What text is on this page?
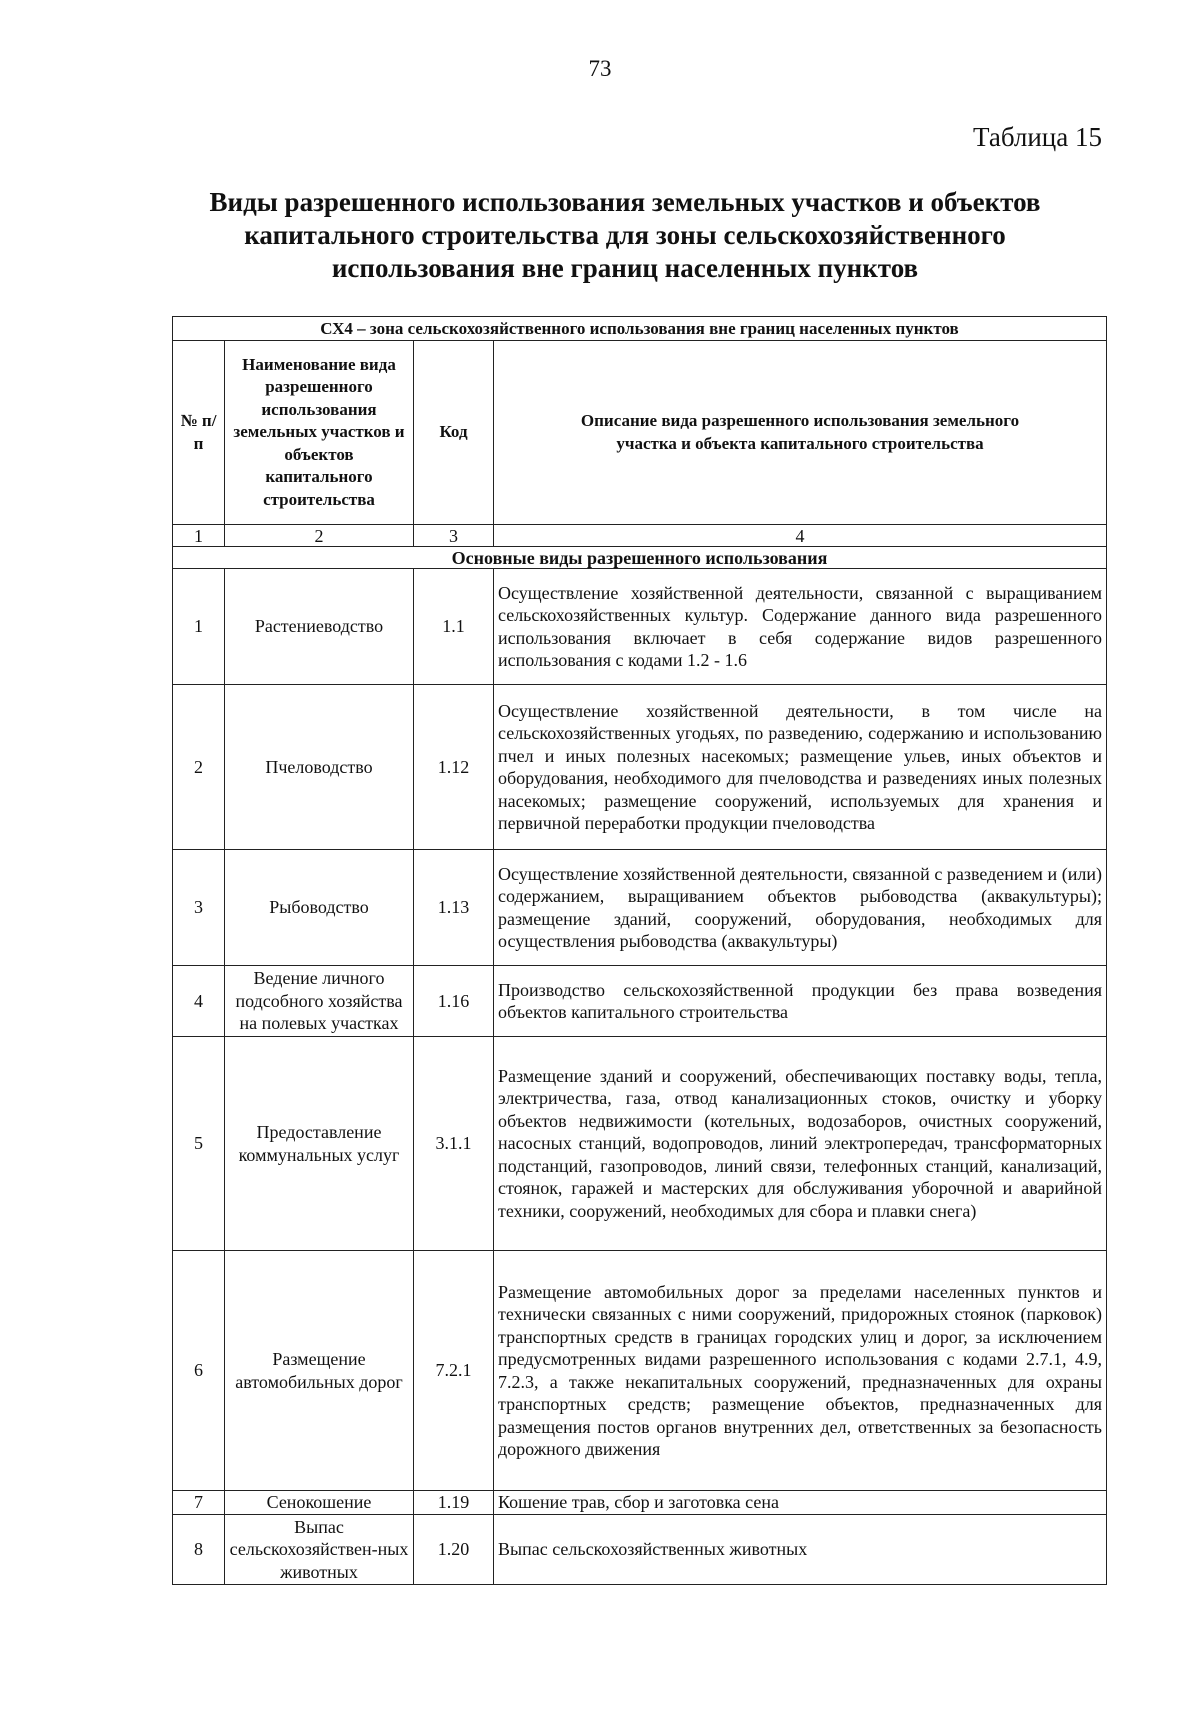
73
Таблица 15
Виды разрешенного использования земельных участков и объектов капитального строительства для зоны сельскохозяйственного использования вне границ населенных пунктов
СХ4 – зона сельскохозяйственного использования вне границ населенных пунктов			
№ п/п	Наименование вида разрешенного использования земельных участков и объектов капитального строительства	Код	Описание вида разрешенного использования земельного участка и объекта капитального строительства
1	2	3	4
Основные виды разрешенного использования			
1	Растениеводство	1.1	Осуществление хозяйственной деятельности, связанной с выращиванием сельскохозяйственных культур. Содержание данного вида разрешенного использования включает в себя содержание видов разрешенного использования с кодами 1.2 - 1.6
2	Пчеловодство	1.12	Осуществление хозяйственной деятельности, в том числе на сельскохозяйственных угодьях, по разведению, содержанию и использованию пчел и иных полезных насекомых; размещение ульев, иных объектов и оборудования, необходимого для пчеловодства и разведениях иных полезных насекомых; размещение сооружений, используемых для хранения и первичной переработки продукции пчеловодства
3	Рыбоводство	1.13	Осуществление хозяйственной деятельности, связанной с разведением и (или) содержанием, выращиванием объектов рыбоводства (аквакультуры); размещение зданий, сооружений, оборудования, необходимых для осуществления рыбоводства (аквакультуры)
4	Ведение личного подсобного хозяйства на полевых участках	1.16	Производство сельскохозяйственной продукции без права возведения объектов капитального строительства
5	Предоставление коммунальных услуг	3.1.1	Размещение зданий и сооружений, обеспечивающих поставку воды, тепла, электричества, газа, отвод канализационных стоков, очистку и уборку объектов недвижимости (котельных, водозаборов, очистных сооружений, насосных станций, водопроводов, линий электропередач, трансформаторных подстанций, газопроводов, линий связи, телефонных станций, канализаций, стоянок, гаражей и мастерских для обслуживания уборочной и аварийной техники, сооружений, необходимых для сбора и плавки снега)
6	Размещение автомобильных дорог	7.2.1	Размещение автомобильных дорог за пределами населенных пунктов и технически связанных с ними сооружений, придорожных стоянок (парковок) транспортных средств в границах городских улиц и дорог, за исключением предусмотренных видами разрешенного использования с кодами 2.7.1, 4.9, 7.2.3, а также некапитальных сооружений, предназначенных для охраны транспортных средств; размещение объектов, предназначенных для размещения постов органов внутренних дел, ответственных за безопасность дорожного движения
7	Сенокошение	1.19	Кошение трав, сбор и заготовка сена
8	Выпас сельскохозяйствен-ных животных	1.20	Выпас сельскохозяйственных животных
